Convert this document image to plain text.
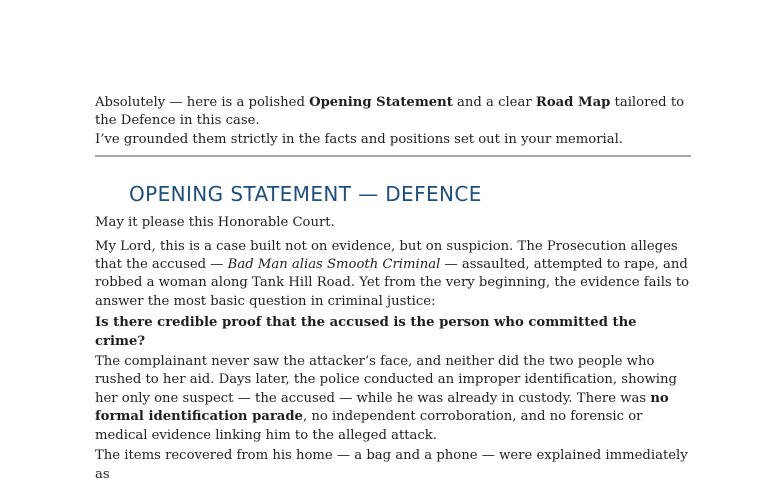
Absolutely — here is a polished Opening Statement and a clear Road Map tailored to the Defence in this case.
I’ve grounded them strictly in the facts and positions set out in your memorial.

OPENING STATEMENT — DEFENCE

May it please this Honorable Court.

My Lord, this is a case built not on evidence, but on suspicion. The Prosecution alleges that the accused — Bad Man alias Smooth Criminal — assaulted, attempted to rape, and robbed a woman along Tank Hill Road. Yet from the very beginning, the evidence fails to answer the most basic question in criminal justice:

Is there credible proof that the accused is the person who committed the crime?

The complainant never saw the attacker’s face, and neither did the two people who rushed to her aid. Days later, the police conducted an improper identification, showing her only one suspect — the accused — while he was already in custody. There was no formal identification parade, no independent corroboration, and no forensic or medical evidence linking him to the alleged attack.

The items recovered from his home — a bag and a phone — were explained immediately as
